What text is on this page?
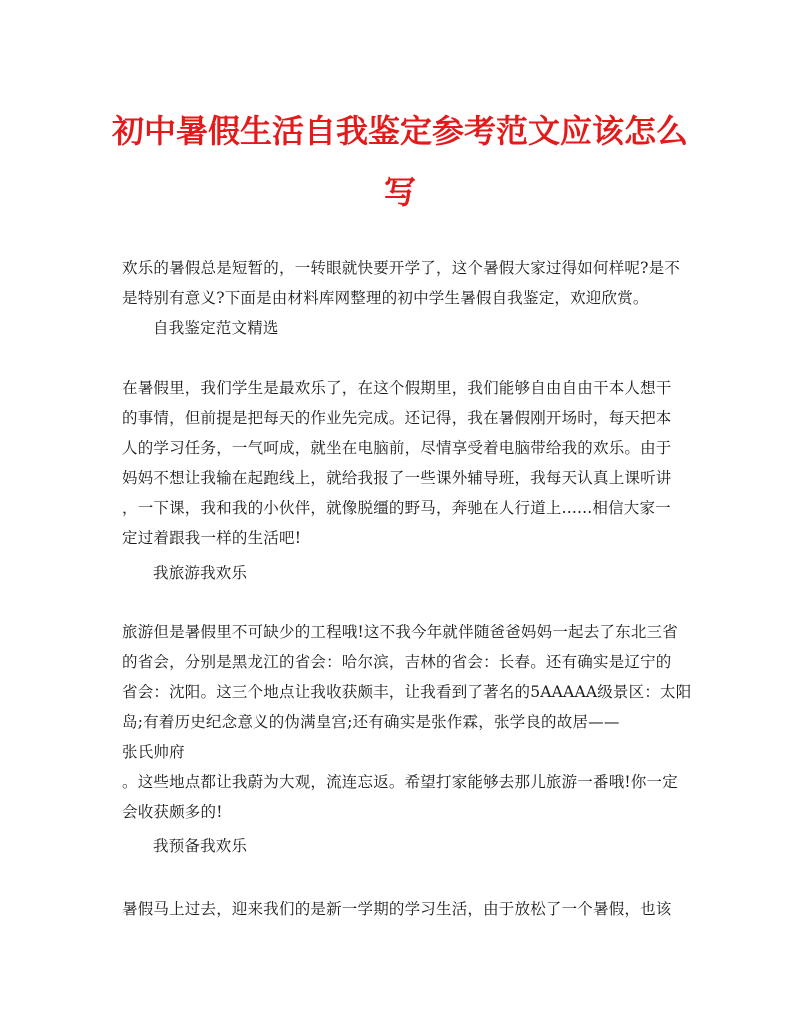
初中暑假生活自我鉴定参考范文应该怎么
写
欢乐的暑假总是短暂的，一转眼就快要开学了，这个暑假大家过得如何样呢?是不
是特别有意义?下面是由材料库网整理的初中学生暑假自我鉴定，欢迎欣赏。
自我鉴定范文精选
在暑假里，我们学生是最欢乐了，在这个假期里，我们能够自由自由干本人想干
的事情，但前提是把每天的作业先完成。还记得，我在暑假刚开场时，每天把本
人的学习任务，一气呵成，就坐在电脑前，尽情享受着电脑带给我的欢乐。由于
妈妈不想让我输在起跑线上，就给我报了一些课外辅导班，我每天认真上课听讲
，一下课，我和我的小伙伴，就像脱缰的野马，奔驰在人行道上......相信大家一
定过着跟我一样的生活吧!
我旅游我欢乐
旅游但是暑假里不可缺少的工程哦!这不我今年就伴随爸爸妈妈一起去了东北三省
的省会，分别是黑龙江的省会：哈尔滨，吉林的省会：长春。还有确实是辽宁的
省会：沈阳。这三个地点让我收获颇丰，让我看到了著名的5AAAAA级景区：太阳
岛;有着历史纪念意义的伪满皇宫;还有确实是张作霖，张学良的故居——
张氏帅府
。这些地点都让我蔚为大观，流连忘返。希望打家能够去那儿旅游一番哦!你一定
会收获颇多的!
我预备我欢乐
暑假马上过去，迎来我们的是新一学期的学习生活，由于放松了一个暑假，也该
